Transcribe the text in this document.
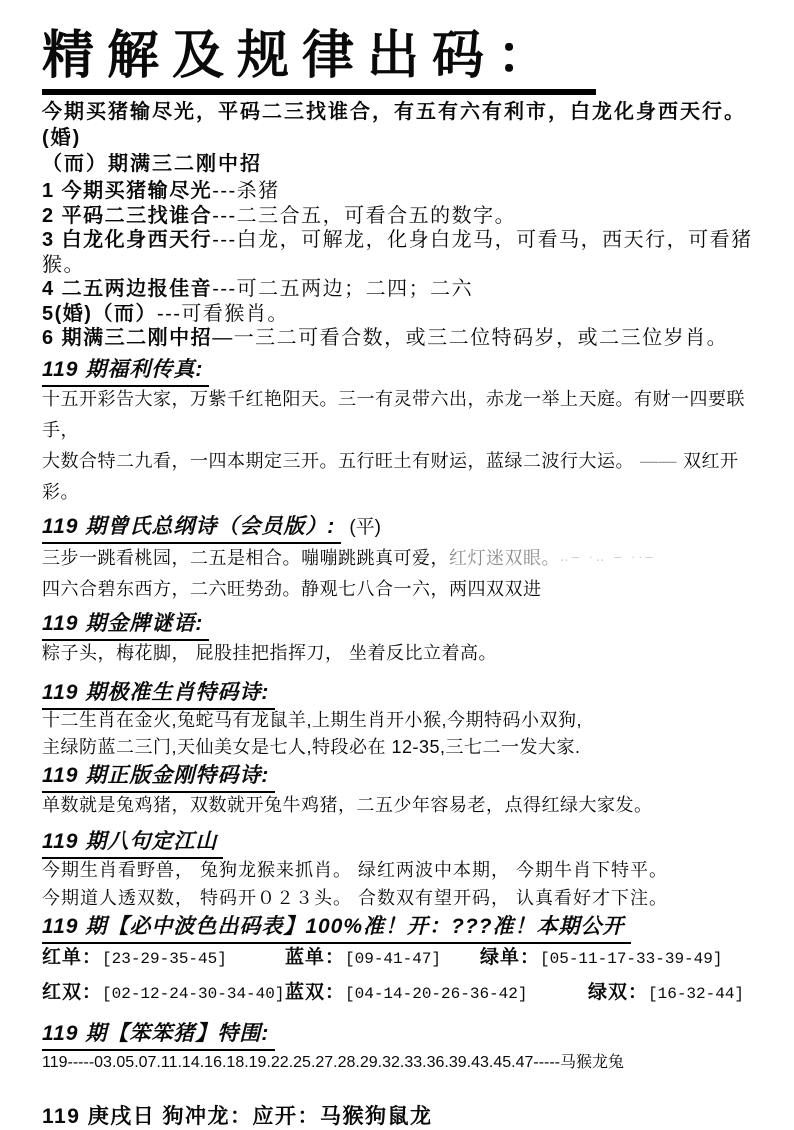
精解及规律出码：
今期买猪输尽光，平码二三找谁合，有五有六有利市，白龙化身西天行。(婚)
（而）期满三二刚中招
1 今期买猪输尽光---杀猪
2 平码二三找谁合---二三合五，可看合五的数字。
3 白龙化身西天行---白龙，可解龙，化身白龙马，可看马，西天行，可看猪猴。
4 二五两边报佳音---可二五两边；二四；二六
5(婚)（而）---可看猴肖。
6 期满三二刚中招—一三二可看合数，或三二位特码岁，或二三位岁肖。
119 期福利传真:
十五开彩告大家，万紫千红艳阳天。三一有灵带六出，赤龙一举上天庭。有财一四要联手，
大数合特二九看，一四本期定三开。五行旺土有财运，蓝绿二波行大运。 —— 双红开彩。
119 期曾氏总纲诗（会员版）: (平)
三步一跳看桃园，二五是相合。嘣嘣跳跳真可爱，红灯迷双眼。‥– ·‥ – ··–
四六合碧东西方，二六旺势劲。静观七八合一六，两四双双进
119 期金牌谜语:
粽子头，梅花脚， 屁股挂把指挥刀， 坐着反比立着高。
119 期极准生肖特码诗:
十二生肖在金火,兔蛇马有龙鼠羊,上期生肖开小猴,今期特码小双狗,
主绿防蓝二三门,天仙美女是七人,特段必在 12-35,三七二一发大家.
119 期正版金刚特码诗:
单数就是兔鸡猪，双数就开兔牛鸡猪，二五少年容易老，点得红绿大家发。
119 期八句定江山
今期生肖看野兽， 兔狗龙猴来抓肖。 绿红两波中本期， 今期牛肖下特平。
今期道人透双数， 特码开０２３头。 合数双有望开码， 认真看好才下注。
119 期【必中波色出码表】100%准！开：???准！本期公开
红单：[23-29-35-45]	蓝单：[09-41-47]	绿单：[05-11-17-33-39-49]
红双：[02-12-24-30-34-40] 蓝双：[04-14-20-26-36-42]	绿双：[16-32-44]
119 期【笨笨猪】特围:
119-----03.05.07.11.14.16.18.19.22.25.27.28.29.32.33.36.39.43.45.47-----马猴龙兔
119 庚戌日 狗冲龙：应开：马猴狗鼠龙
